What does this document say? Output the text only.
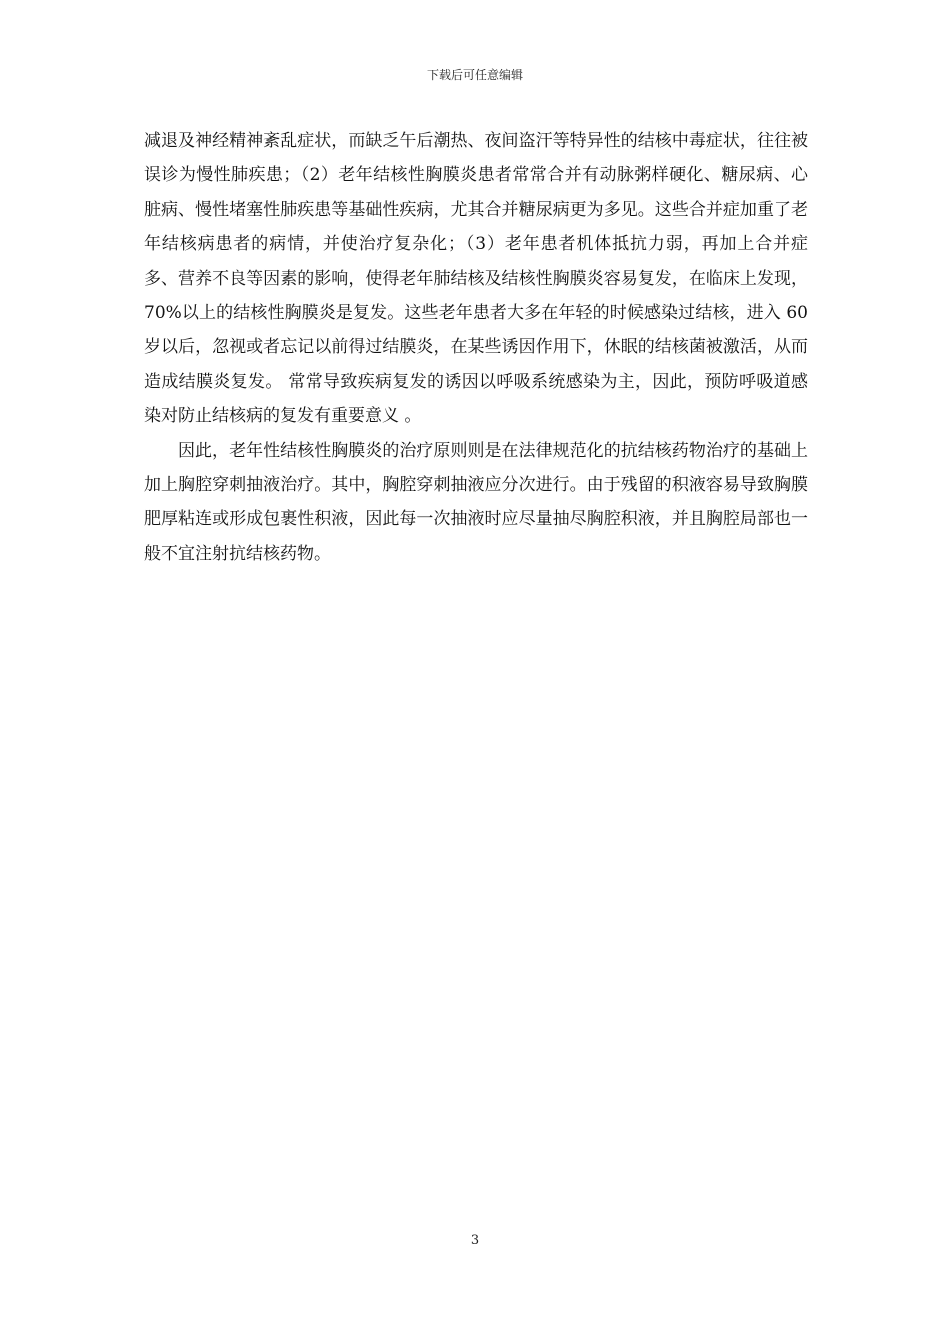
下载后可任意编辑

减退及神经精神紊乱症状，而缺乏午后潮热、夜间盗汗等特异性的结核中毒症状，往往被误诊为慢性肺疾患；（2）老年结核性胸膜炎患者常常合并有动脉粥样硬化、糖尿病、心脏病、慢性堵塞性肺疾患等基础性疾病，尤其合并糖尿病更为多见。这些合并症加重了老年结核病患者的病情，并使治疗复杂化；（3）老年患者机体抵抗力弱，再加上合并症多、营养不良等因素的影响，使得老年肺结核及结核性胸膜炎容易复发，在临床上发现，70%以上的结核性胸膜炎是复发。这些老年患者大多在年轻的时候感染过结核，进入 60 岁以后，忽视或者忘记以前得过结膜炎，在某些诱因作用下，休眠的结核菌被激活，从而造成结膜炎复发。 常常导致疾病复发的诱因以呼吸系统感染为主，因此，预防呼吸道感染对防止结核病的复发有重要意义 。

因此，老年性结核性胸膜炎的治疗原则则是在法律规范化的抗结核药物治疗的基础上加上胸腔穿刺抽液治疗。其中，胸腔穿刺抽液应分次进行。由于残留的积液容易导致胸膜肥厚粘连或形成包裹性积液，因此每一次抽液时应尽量抽尽胸腔积液，并且胸腔局部也一般不宜注射抗结核药物。

3
